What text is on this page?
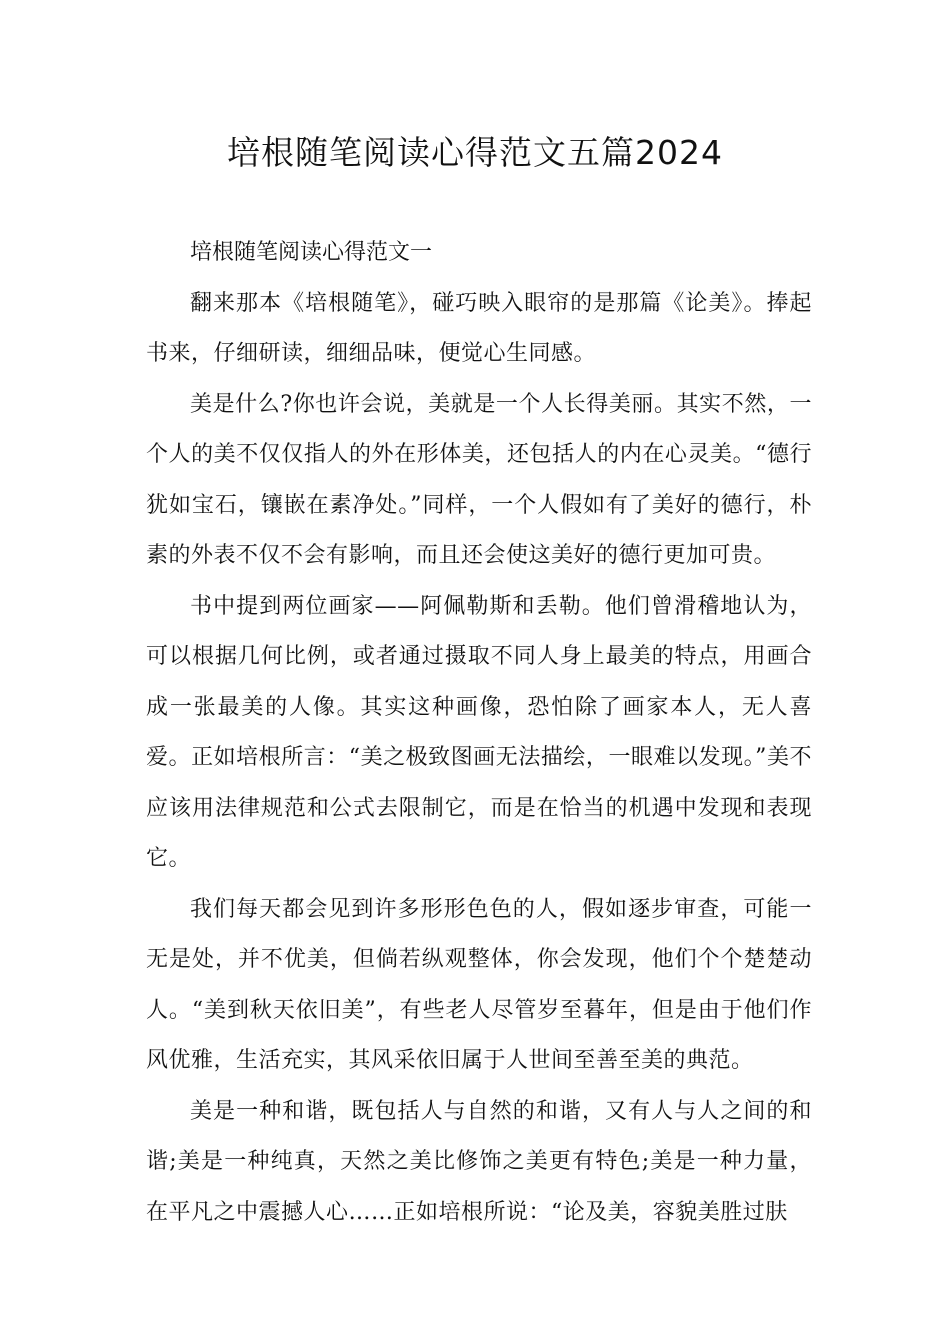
培根随笔阅读心得范文五篇2024

培根随笔阅读心得范文一

翻来那本《培根随笔》，碰巧映入眼帘的是那篇《论美》。捧起书来，仔细研读，细细品味，便觉心生同感。

美是什么?你也许会说，美就是一个人长得美丽。其实不然，一个人的美不仅仅指人的外在形体美，还包括人的内在心灵美。“德行犹如宝石，镶嵌在素净处。”同样，一个人假如有了美好的德行，朴素的外表不仅不会有影响，而且还会使这美好的德行更加可贵。

书中提到两位画家——阿佩勒斯和丢勒。他们曾滑稽地认为，可以根据几何比例，或者通过摄取不同人身上最美的特点，用画合成一张最美的人像。其实这种画像，恐怕除了画家本人，无人喜爱。正如培根所言：“美之极致图画无法描绘，一眼难以发现。”美不应该用法律规范和公式去限制它，而是在恰当的机遇中发现和表现它。

我们每天都会见到许多形形色色的人，假如逐步审查，可能一无是处，并不优美，但倘若纵观整体，你会发现，他们个个楚楚动人。“美到秋天依旧美”，有些老人尽管岁至暮年，但是由于他们作风优雅，生活充实，其风采依旧属于人世间至善至美的典范。

美是一种和谐，既包括人与自然的和谐，又有人与人之间的和谐;美是一种纯真，天然之美比修饰之美更有特色;美是一种力量，在平凡之中震撼人心……正如培根所说：“论及美，容貌美胜过肤
